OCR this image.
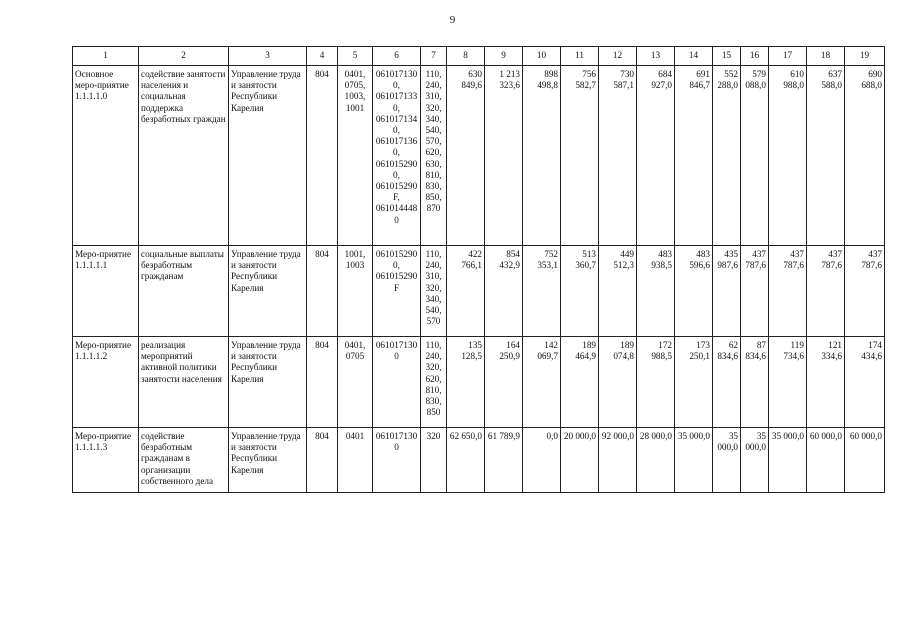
9
1	2	3	4	5	6	7	8	9	10	11	12	13	14	15	16	17	18	19
Основное меро-приятие 1.1.1.1.0	содействие занятости населения и социальная поддержка безработных граждан	Управление труда и занятости Республики Карелия	804	0401, 0705, 1003, 1001	0610171300, 0610171330, 0610171340, 0610171360, 0610152900, 061015290F, 0610144480	110, 240, 310, 320, 340, 540, 570, 620, 630, 810, 830, 850, 870	630 849,6	1 213 323,6	898 498,8	756 582,7	730 587,1	684 927,0	691 846,7	552 288,0	579 088,0	610 988,0	637 588,0	690 688,0
Меро-приятие 1.1.1.1.1	социальные выплаты безработным гражданам	Управление труда и занятости Республики Карелия	804	1001, 1003	0610152900, 061015290F	110, 240, 310, 320, 340, 540, 570	422 766,1	854 432,9	752 353,1	513 360,7	449 512,3	483 938,5	483 596,6	435 987,6	437 787,6	437 787,6	437 787,6	437 787,6
Меро-приятие 1.1.1.1.2	реализация мероприятий активной политики занятости населения	Управление труда и занятости Республики Карелия	804	0401, 0705	0610171300	110, 240, 320, 620, 810, 830, 850	135 128,5	164 250,9	142 069,7	189 464,9	189 074,8	172 988,5	173 250,1	62 834,6	87 834,6	119 734,6	121 334,6	174 434,6
Меро-приятие 1.1.1.1.3	содействие безработным гражданам в организации собственного дела	Управление труда и занятости Республики Карелия	804	0401	0610171300	320	62 650,0	61 789,9	0,0	20 000,0	92 000,0	28 000,0	35 000,0	35 000,0	35 000,0	35 000,0	60 000,0	60 000,0
